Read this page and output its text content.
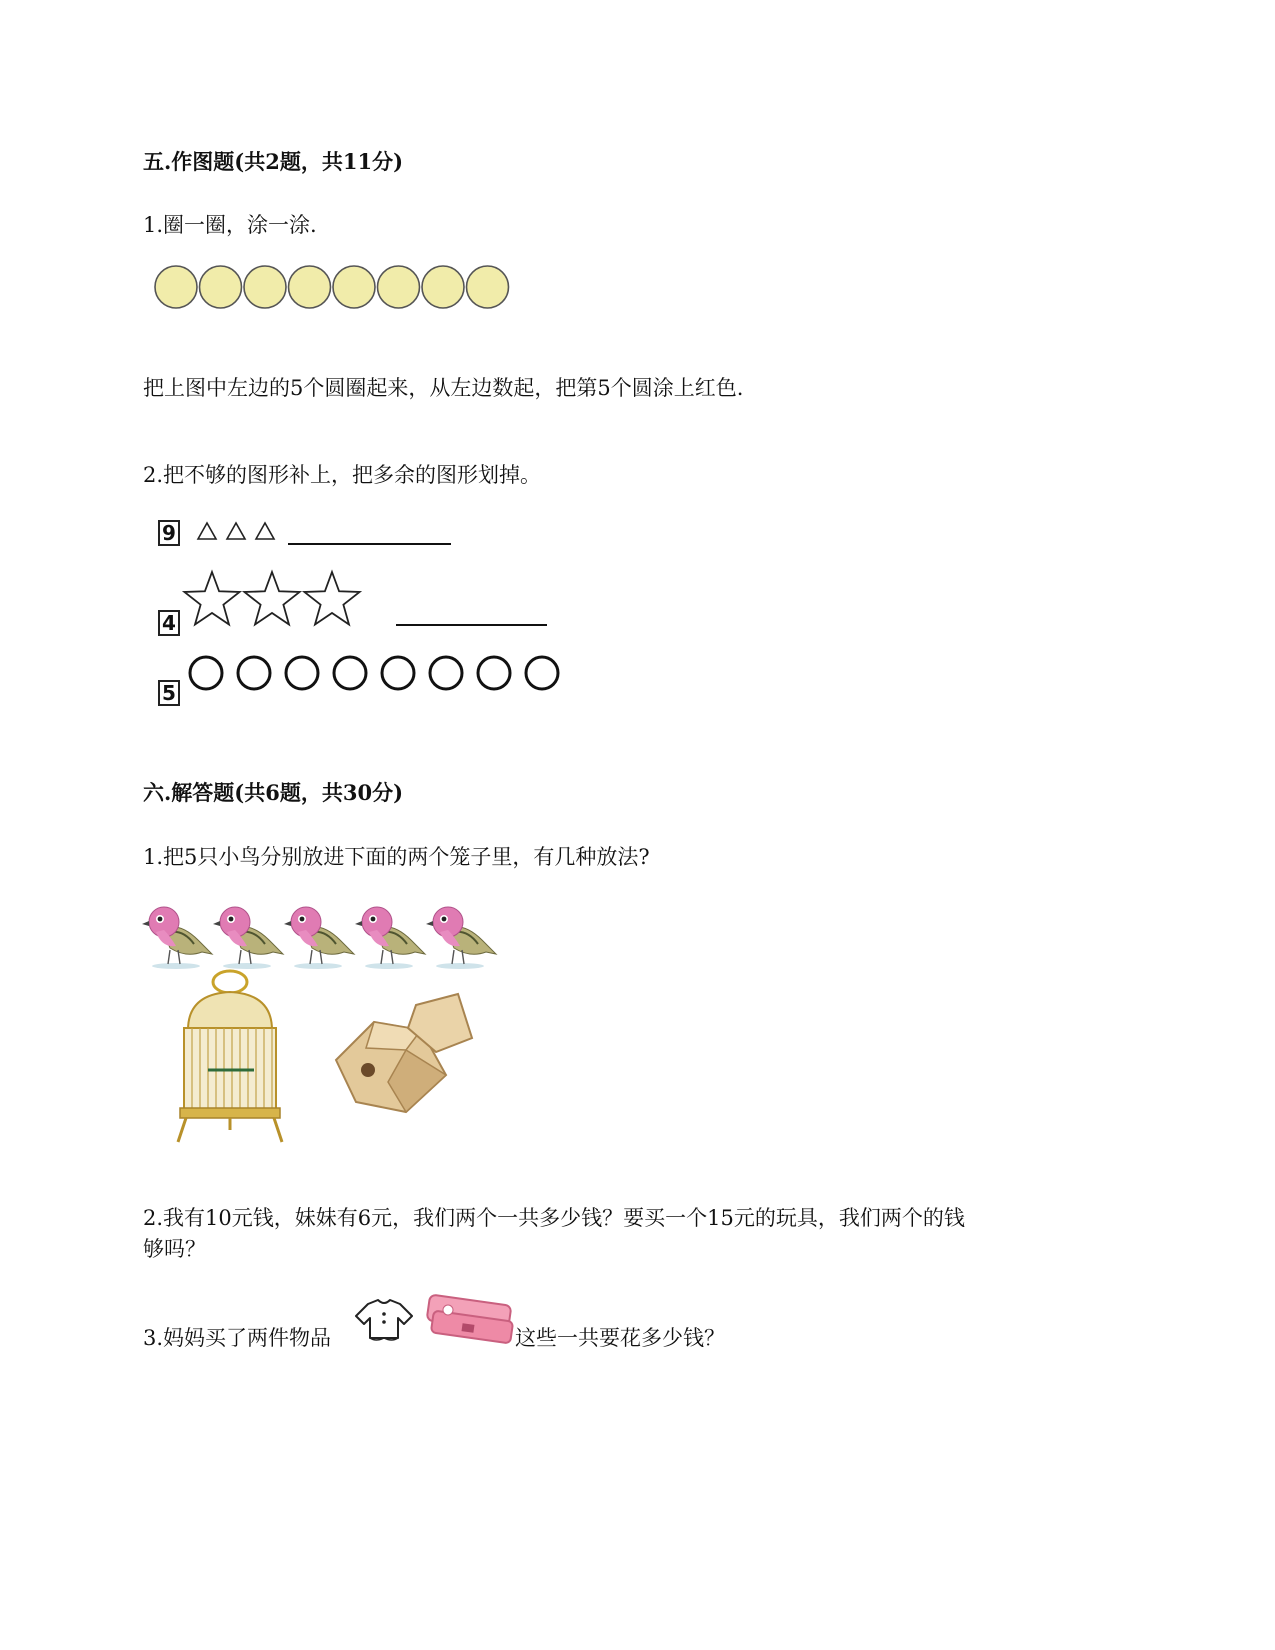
五.作图题(共2题，共11分)
1.圈一圈，涂一涂.
把上图中左边的5个圆圈起来，从左边数起，把第5个圆涂上红色.
2.把不够的图形补上，把多余的图形划掉。
9
4
5
六.解答题(共6题，共30分)
1.把5只小鸟分别放进下面的两个笼子里，有几种放法?
2.我有10元钱，妹妹有6元，我们两个一共多少钱？要买一个15元的玩具，我们两个的钱
够吗？
3.妈妈买了两件物品	这些一共要花多少钱？
